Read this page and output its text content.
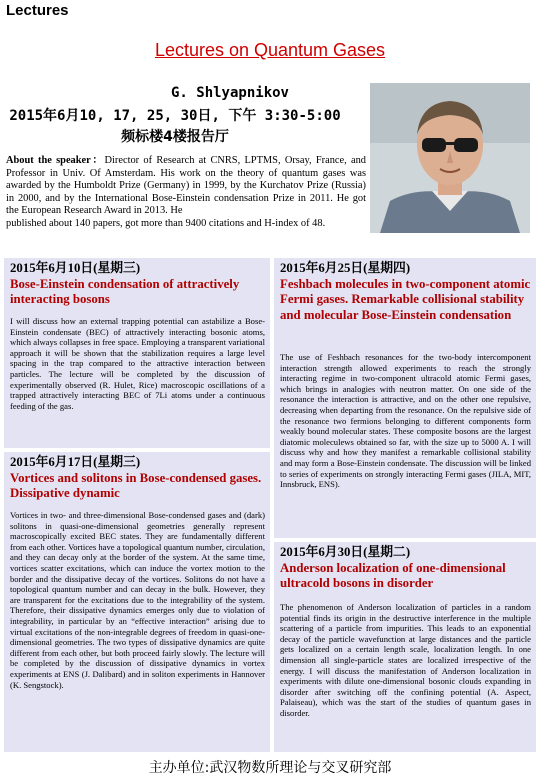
Lectures
Lectures on Quantum Gases
G. Shlyapnikov
2015年6月10, 17, 25, 30日, 下午 3:30-5:00
频标楼4楼报告厅
About the speaker：Director of Research at CNRS, LPTMS, Orsay, France, and Professor in Univ. Of Amsterdam. His work on the theory of quantum gases was awarded by the Humboldt Prize (Germany) in 1999, by the Kurchatov Prize (Russia) in 2000, and by the International Bose-Einstein condensation Prize in 2011. He got the European Research Award in 2013. He
published about 140 papers, got more than 9400 citations and H-index of 48.
2015年6月10日(星期三)
Bose-Einstein condensation of attractively interacting bosons
I will discuss how an external trapping potential can astabilize a Bose-Einstein condensate (BEC) of attractively interacting bosonic atoms, which always collapses in free space. Employing a transparent variational approach it will be shown that the stabilization requires a large level spacing in the trap compared to the attractive interaction between particles. The lecture will be completed by the discussion of experimentally observed (R. Hulet, Rice) macroscopic oscillations of a trapped attractively interacting BEC of 7Li atoms under a continuous feeding of the gas.
2015年6月17日(星期三)
Vortices and solitons in Bose-condensed gases. Dissipative dynamic
Vortices in two- and three-dimensional Bose-condensed gases and (dark) solitons in quasi-one-dimensional geometries generally represent macroscopically excited BEC states. They are fundamentally different from each other. Vortices have a topological quantum number, circulation, and they can decay only at the border of the system. At the same time, vortices scatter excitations, which can induce the vortex motion to the border and the dissipative decay of the vortices. Solitons do not have a topological quantum number and can decay in the bulk. However, they are transparent for the excitations due to the integrability of the system. Therefore, their dissipative dynamics emerges only due to violation of integrability, in particular by an “effective interaction” arising due to virtual excitations of the non-integrable degrees of freedom in quasi-one-dimensional geometries. The two types of dissipative dynamics are quite different from each other, but both proceed fairly slowly. The lecture will be completed by the discussion of dissipative dynamics in vortex experiments at ENS (J. Dalibard) and in soliton experiments in Hannover (K. Sengstock).
2015年6月25日(星期四)
Feshbach molecules in two-component atomic Fermi gases. Remarkable collisional stability and molecular Bose-Einstein condensation
The use of Feshbach resonances for the two-body intercomponent interaction strength allowed experiments to reach the strongly interacting regime in two-component ultracold atomic Fermi gases, which brings in analogies with neutron matter. On one side of the resonance the interaction is attractive, and on the other one repulsive, decreasing when departing from the resonance. On the repulsive side of the resonance two fermions belonging to different components form weakly bound molecular states. These composite bosons are the largest diatomic moleculews obtained so far, with the size up to 5000 A. I will discuss why and how they manifest a remarkable collisional stability and may form a Bose-Einstein condensate. The discussion will be linked to series of experiments on strongly interacting Fermi gases (JILA, MIT, Innsbruck, ENS).
2015年6月30日(星期二)
Anderson localization of one-dimensional ultracold bosons in disorder
The phenomenon of Anderson localization of particles in a random potential finds its origin in the destructive interference in the multiple scattering of a particle from impurities. This leads to an exponential decay of the particle wavefunction at large distances and the particle gets localized on a certain length scale, localization length. In one dimension all single-particle states are localized irrespective of the energy. I will discuss the manifestation of Anderson localization in experiments with dilute one-dimensional bosonic clouds expanding in disorder after switching off the confining potential (A. Aspect, Palaiseau), which was the start of the studies of quantum gases in disorder.
主办单位:武汉物数所理论与交叉研究部
